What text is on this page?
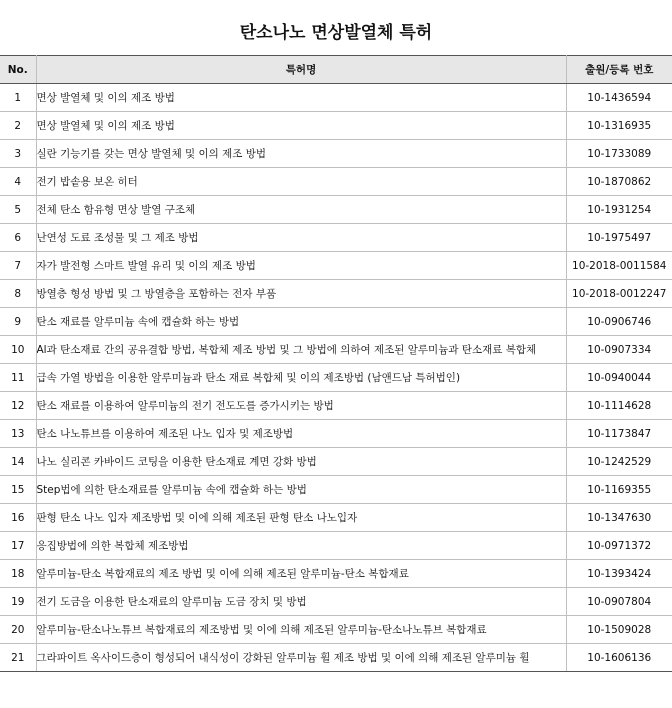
탄소나노 면상발열체 특허
No.	특허명	출원/등록 번호
1	면상 발열체 및 이의 제조 방법	10-1436594
2	면상 발열체 및 이의 제조 방법	10-1316935
3	실란 기능기를 갖는 면상 발열체 및 이의 제조 방법	10-1733089
4	전기 밥솥용 보온 히터	10-1870862
5	전체 탄소 함유형 면상 발열 구조체	10-1931254
6	난연성 도료 조성물 및 그 제조 방법	10-1975497
7	자가 발전형 스마트 발열 유리 및 이의 제조 방법	10-2018-0011584
8	방열층 형성 방법 및 그 방열층을 포함하는 전자 부품	10-2018-0012247
9	탄소 재료를 알루미늄 속에 캡슐화 하는 방법	10-0906746
10	Al과 탄소재료 간의 공유결합 방법, 복합체 제조 방법 및 그 방법에 의하여 제조된 알루미늄과 탄소재료 복합체	10-0907334
11	급속 가열 방법을 이용한 알루미늄과 탄소 재료 복합체 및 이의 제조방법 (남앤드남 특허법인)	10-0940044
12	탄소 재료를 이용하여 알루미늄의 전기 전도도를 증가시키는 방법	10-1114628
13	탄소 나노튜브를 이용하여 제조된 나노 입자 및 제조방법	10-1173847
14	나노 실리콘 카바이드 코팅을 이용한 탄소재료 계면 강화 방법	10-1242529
15	Step법에 의한 탄소재료를 알루미늄 속에 캡슐화 하는 방법	10-1169355
16	판형 탄소 나노 입자 제조방법 및 이에 의해 제조된 판형 탄소 나노입자	10-1347630
17	응집방법에 의한 복합체 제조방법	10-0971372
18	알루미늄-탄소 복합재료의 제조 방법 및 이에 의해 제조된 알루미늄-탄소 복합재료	10-1393424
19	전기 도금을 이용한 탄소재료의 알루미늄 도금 장치 및 방법	10-0907804
20	알루미늄-탄소나노튜브 복합재료의 제조방법 및 이에 의해 제조된 알루미늄-탄소나노튜브 복합재료	10-1509028
21	그라파이트 옥사이드층이 형성되어 내식성이 강화된 알루미늄 휠 제조 방법 및 이에 의해 제조된 알루미늄 휠	10-1606136
